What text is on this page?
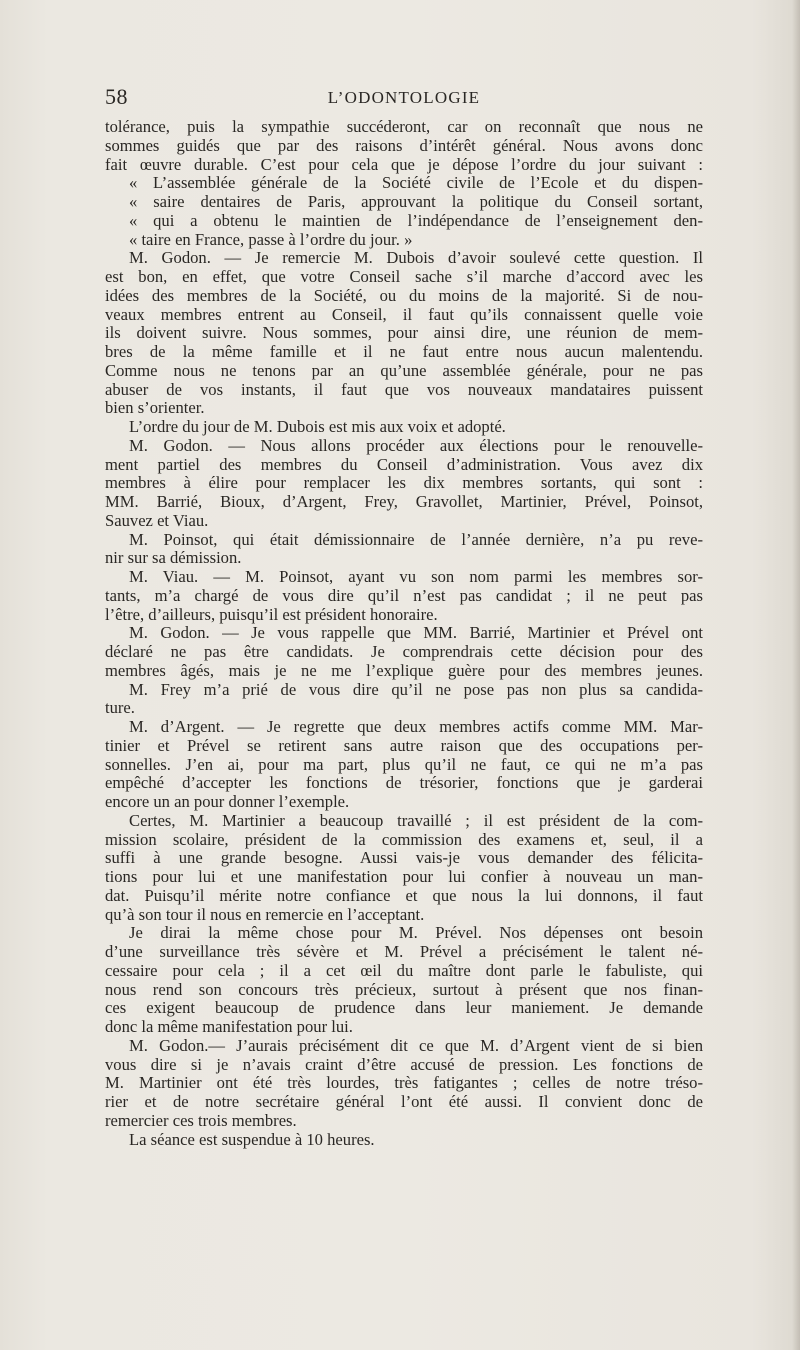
58	L’ODONTOLOGIE
tolérance, puis la sympathie succéderont, car on reconnaît que nous ne
sommes guidés que par des raisons d’intérêt général. Nous avons donc
fait œuvre durable. C’est pour cela que je dépose l’ordre du jour suivant :
« L’assemblée générale de la Société civile de l’Ecole et du dispen-
« saire dentaires de Paris, approuvant la politique du Conseil sortant,
« qui a obtenu le maintien de l’indépendance de l’enseignement den-
« taire en France, passe à l’ordre du jour. »
M. Godon. — Je remercie M. Dubois d’avoir soulevé cette question. Il
est bon, en effet, que votre Conseil sache s’il marche d’accord avec les
idées des membres de la Société, ou du moins de la majorité. Si de nou-
veaux membres entrent au Conseil, il faut qu’ils connaissent quelle voie
ils doivent suivre. Nous sommes, pour ainsi dire, une réunion de mem-
bres de la même famille et il ne faut entre nous aucun malentendu.
Comme nous ne tenons par an qu’une assemblée générale, pour ne pas
abuser de vos instants, il faut que vos nouveaux mandataires puissent
bien s’orienter.
L’ordre du jour de M. Dubois est mis aux voix et adopté.
M. Godon. — Nous allons procéder aux élections pour le renouvelle-
ment partiel des membres du Conseil d’administration. Vous avez dix
membres à élire pour remplacer les dix membres sortants, qui sont :
MM. Barrié, Bioux, d’Argent, Frey, Gravollet, Martinier, Prével, Poinsot,
Sauvez et Viau.
M. Poinsot, qui était démissionnaire de l’année dernière, n’a pu reve-
nir sur sa démission.
M. Viau. — M. Poinsot, ayant vu son nom parmi les membres sor-
tants, m’a chargé de vous dire qu’il n’est pas candidat ; il ne peut pas
l’être, d’ailleurs, puisqu’il est président honoraire.
M. Godon. — Je vous rappelle que MM. Barrié, Martinier et Prével ont
déclaré ne pas être candidats. Je comprendrais cette décision pour des
membres âgés, mais je ne me l’explique guère pour des membres jeunes.
M. Frey m’a prié de vous dire qu’il ne pose pas non plus sa candida-
ture.
M. d’Argent. — Je regrette que deux membres actifs comme MM. Mar-
tinier et Prével se retirent sans autre raison que des occupations per-
sonnelles. J’en ai, pour ma part, plus qu’il ne faut, ce qui ne m’a pas
empêché d’accepter les fonctions de trésorier, fonctions que je garderai
encore un an pour donner l’exemple.
Certes, M. Martinier a beaucoup travaillé ; il est président de la com-
mission scolaire, président de la commission des examens et, seul, il a
suffi à une grande besogne. Aussi vais-je vous demander des félicita-
tions pour lui et une manifestation pour lui confier à nouveau un man-
dat. Puisqu’il mérite notre confiance et que nous la lui donnons, il faut
qu’à son tour il nous en remercie en l’acceptant.
Je dirai la même chose pour M. Prével. Nos dépenses ont besoin
d’une surveillance très sévère et M. Prével a précisément le talent né-
cessaire pour cela ; il a cet œil du maître dont parle le fabuliste, qui
nous rend son concours très précieux, surtout à présent que nos finan-
ces exigent beaucoup de prudence dans leur maniement. Je demande
donc la même manifestation pour lui.
M. Godon.— J’aurais précisément dit ce que M. d’Argent vient de si bien
vous dire si je n’avais craint d’être accusé de pression. Les fonctions de
M. Martinier ont été très lourdes, très fatigantes ; celles de notre tréso-
rier et de notre secrétaire général l’ont été aussi. Il convient donc de
remercier ces trois membres.
La séance est suspendue à 10 heures.
